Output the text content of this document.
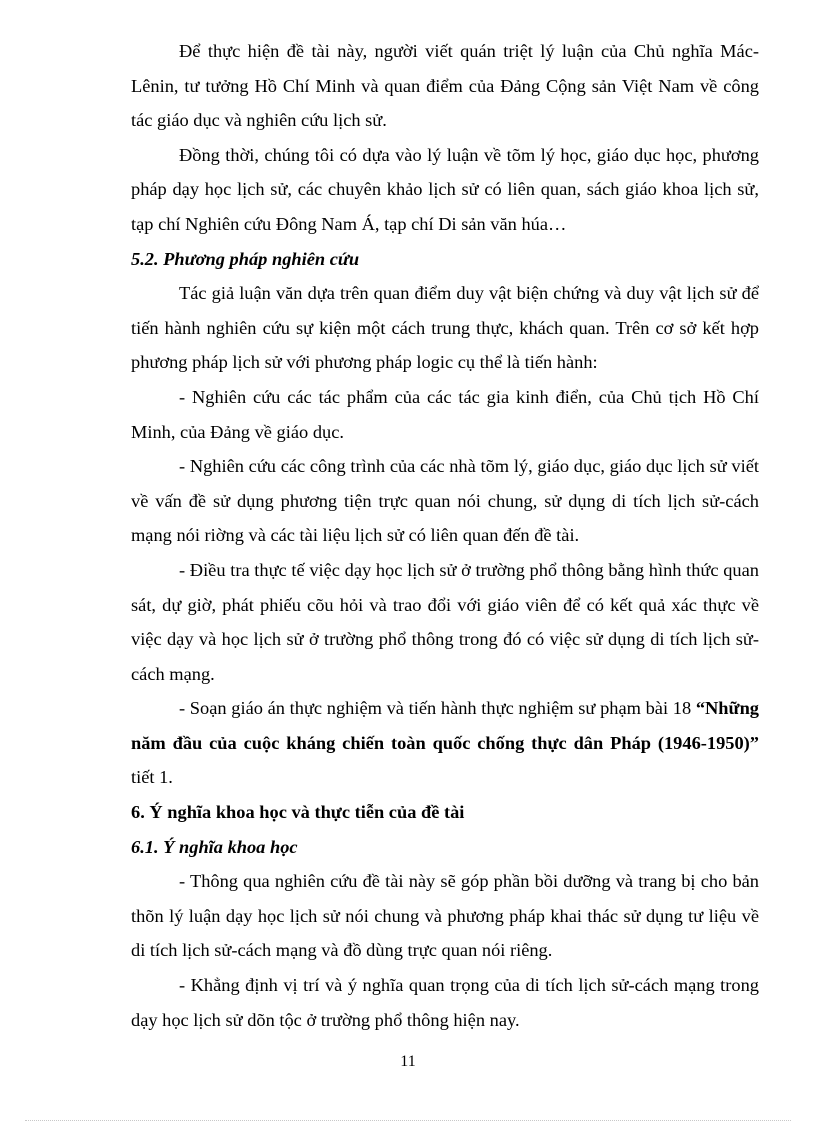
Để thực hiện đề tài này, người viết quán triệt lý luận của Chủ nghĩa Mác-Lênin, tư tưởng Hồ Chí Minh và quan điểm của Đảng Cộng sản Việt Nam về công tác giáo dục và nghiên cứu lịch sử.

Đồng thời, chúng tôi có dựa vào lý luận về tõm lý học, giáo dục học, phương pháp dạy học lịch sử, các chuyên khảo lịch sử có liên quan, sách giáo khoa lịch sử, tạp chí Nghiên cứu Đông Nam Á, tạp chí Di sản văn húa…

5.2. Phương pháp nghiên cứu

Tác giả luận văn dựa trên quan điểm duy vật biện chứng và duy vật lịch sử để tiến hành nghiên cứu sự kiện một cách trung thực, khách quan. Trên cơ sở kết hợp phương pháp lịch sử với phương pháp logic cụ thể là tiến hành:

- Nghiên cứu các tác phẩm của các tác gia kinh điển, của Chủ tịch Hồ Chí Minh, của Đảng về giáo dục.

- Nghiên cứu các công trình của các nhà tõm lý, giáo dục, giáo dục lịch sử viết về vấn đề sử dụng phương tiện trực quan nói chung, sử dụng di tích lịch sử-cách mạng nói riờng và các tài liệu lịch sử có liên quan đến đề tài.

- Điều tra thực tế việc dạy học lịch sử ở trường phổ thông bằng hình thức quan sát, dự giờ, phát phiếu cõu hỏi và trao đổi với giáo viên để có kết quả xác thực về việc dạy và học lịch sử ở trường phổ thông trong đó có việc sử dụng di tích lịch sử-cách mạng.

- Soạn giáo án thực nghiệm và tiến hành thực nghiệm sư phạm bài 18 “Những năm đầu của cuộc kháng chiến toàn quốc chống thực dân Pháp (1946-1950)” tiết 1.

6. Ý nghĩa khoa học và thực tiễn của đề tài

6.1. Ý nghĩa khoa học

- Thông qua nghiên cứu đề tài này sẽ góp phần bồi dưỡng và trang bị cho bản thõn lý luận dạy học lịch sử nói chung và phương pháp khai thác sử dụng tư liệu về di tích lịch sử-cách mạng và đồ dùng trực quan nói riêng.

- Khẳng định vị trí và ý nghĩa quan trọng của di tích lịch sử-cách mạng trong dạy học lịch sử dõn tộc ở trường phổ thông hiện nay.

11
